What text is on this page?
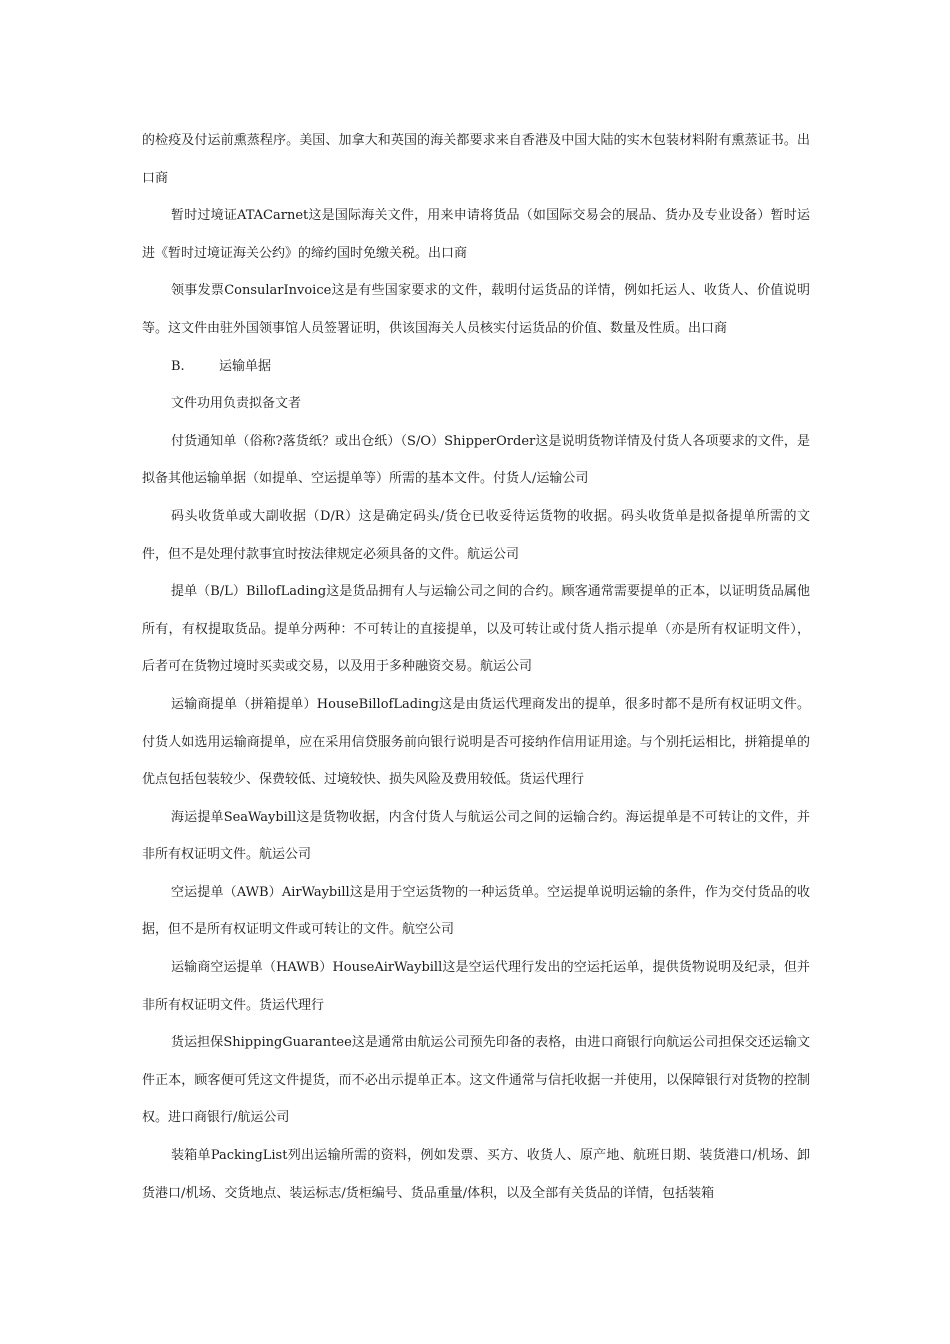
的检疫及付运前熏蒸程序。美国、加拿大和英国的海关都要求来自香港及中国大陆的实木包装材料附有熏蒸证书。出口商

暂时过境证ATACarnet这是国际海关文件，用来申请将货品（如国际交易会的展品、货办及专业设备）暂时运进《暂时过境证海关公约》的缔约国时免缴关税。出口商

领事发票ConsularInvoice这是有些国家要求的文件，载明付运货品的详情，例如托运人、收货人、价值说明等。这文件由驻外国领事馆人员签署证明，供该国海关人员核实付运货品的价值、数量及性质。出口商

B.	运输单据

文件功用负责拟备文者

付货通知单（俗称?落货纸？或出仓纸）（S/O）ShipperOrder这是说明货物详情及付货人各项要求的文件，是拟备其他运输单据（如提单、空运提单等）所需的基本文件。付货人/运输公司

码头收货单或大副收据（D/R）这是确定码头/货仓已收妥待运货物的收据。码头收货单是拟备提单所需的文件，但不是处理付款事宜时按法律规定必须具备的文件。航运公司

提单（B/L）BillofLading这是货品拥有人与运输公司之间的合约。顾客通常需要提单的正本，以证明货品属他所有，有权提取货品。提单分两种：不可转让的直接提单，以及可转让或付货人指示提单（亦是所有权证明文件），后者可在货物过境时买卖或交易，以及用于多种融资交易。航运公司

运输商提单（拼箱提单）HouseBillofLading这是由货运代理商发出的提单，很多时都不是所有权证明文件。付货人如选用运输商提单，应在采用信贷服务前向银行说明是否可接纳作信用证用途。与个别托运相比，拼箱提单的优点包括包装较少、保费较低、过境较快、损失风险及费用较低。货运代理行

海运提单SeaWaybill这是货物收据，内含付货人与航运公司之间的运输合约。海运提单是不可转让的文件，并非所有权证明文件。航运公司

空运提单（AWB）AirWaybill这是用于空运货物的一种运货单。空运提单说明运输的条件，作为交付货品的收据，但不是所有权证明文件或可转让的文件。航空公司

运输商空运提单（HAWB）HouseAirWaybill这是空运代理行发出的空运托运单，提供货物说明及纪录，但并非所有权证明文件。货运代理行

货运担保ShippingGuarantee这是通常由航运公司预先印备的表格，由进口商银行向航运公司担保交还运输文件正本，顾客便可凭这文件提货，而不必出示提单正本。这文件通常与信托收据一并使用，以保障银行对货物的控制权。进口商银行/航运公司

装箱单PackingList列出运输所需的资料，例如发票、买方、收货人、原产地、航班日期、装货港口/机场、卸货港口/机场、交货地点、装运标志/货柜编号、货品重量/体积，以及全部有关货品的详情，包括装箱
